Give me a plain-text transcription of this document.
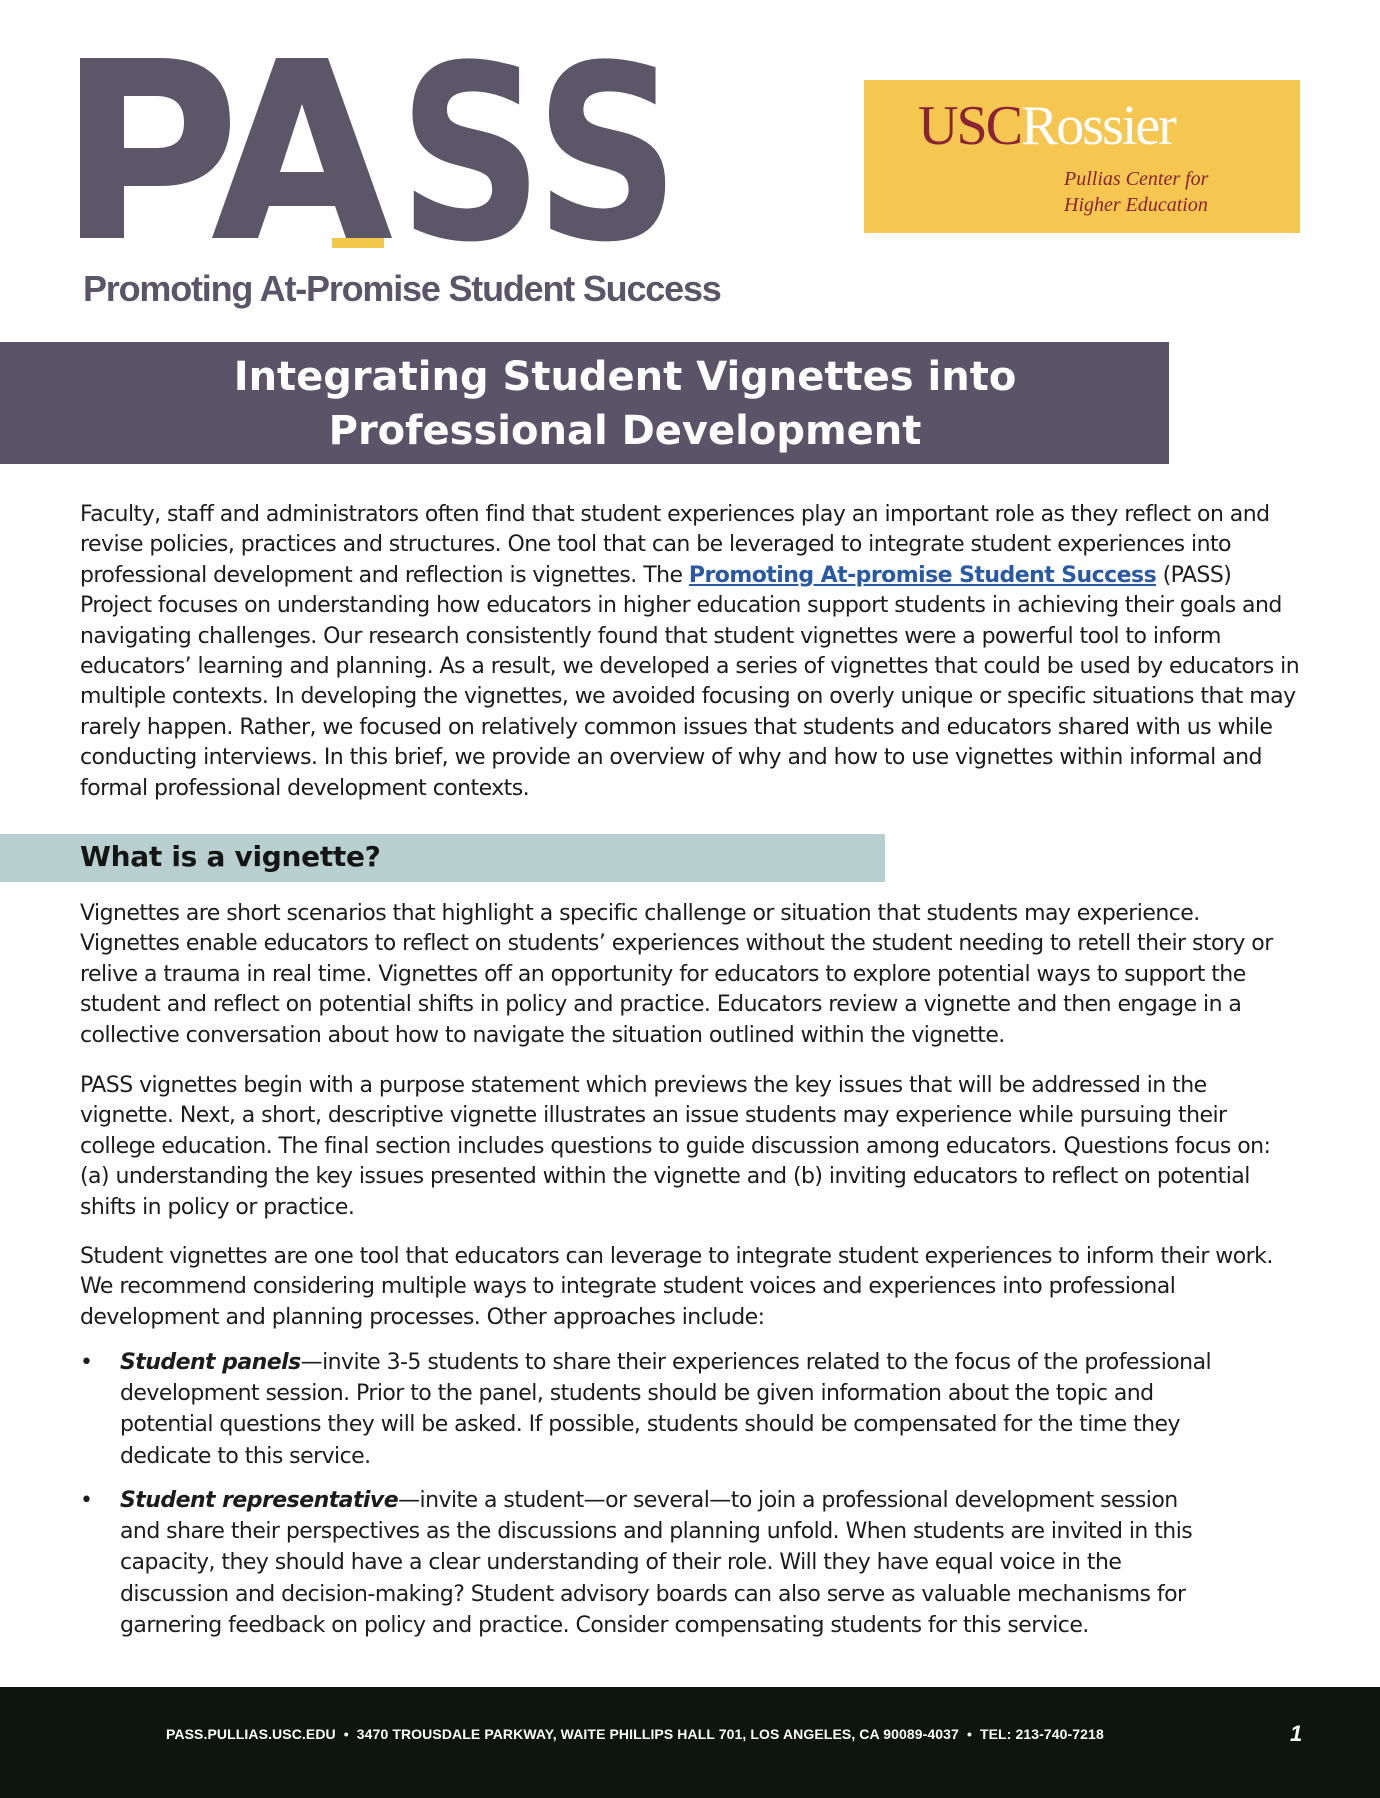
SS
Promoting At-Promise Student Success
USCRossier
Pullias Center for
Higher Education
Integrating Student Vignettes into
Professional Development

Faculty, staff and administrators often find that student experiences play an important role as they reflect on and revise policies, practices and structures. One tool that can be leveraged to integrate student experiences into professional development and reflection is vignettes. The Promoting At-promise Student Success (PASS) Project focuses on understanding how educators in higher education support students in achieving their goals and navigating challenges. Our research consistently found that student vignettes were a powerful tool to inform educators’ learning and planning. As a result, we developed a series of vignettes that could be used by educators in multiple contexts. In developing the vignettes, we avoided focusing on overly unique or specific situations that may rarely happen. Rather, we focused on relatively common issues that students and educators shared with us while conducting interviews. In this brief, we provide an overview of why and how to use vignettes within informal and formal professional development contexts.

What is a vignette?

Vignettes are short scenarios that highlight a specific challenge or situation that students may experience. Vignettes enable educators to reflect on students’ experiences without the student needing to retell their story or relive a trauma in real time. Vignettes off an opportunity for educators to explore potential ways to support the student and reflect on potential shifts in policy and practice. Educators review a vignette and then engage in a collective conversation about how to navigate the situation outlined within the vignette.

PASS vignettes begin with a purpose statement which previews the key issues that will be addressed in the vignette. Next, a short, descriptive vignette illustrates an issue students may experience while pursuing their college education. The final section includes questions to guide discussion among educators. Questions focus on: (a) understanding the key issues presented within the vignette and (b) inviting educators to reflect on potential shifts in policy or practice.

Student vignettes are one tool that educators can leverage to integrate student experiences to inform their work. We recommend considering multiple ways to integrate student voices and experiences into professional development and planning processes. Other approaches include:

• Student panels—invite 3-5 students to share their experiences related to the focus of the professional development session. Prior to the panel, students should be given information about the topic and potential questions they will be asked. If possible, students should be compensated for the time they dedicate to this service.

• Student representative—invite a student—or several—to join a professional development session and share their perspectives as the discussions and planning unfold. When students are invited in this capacity, they should have a clear understanding of their role. Will they have equal voice in the discussion and decision-making? Student advisory boards can also serve as valuable mechanisms for garnering feedback on policy and practice. Consider compensating students for this service.

PASS.PULLIAS.USC.EDU • 3470 TROUSDALE PARKWAY, WAITE PHILLIPS HALL 701, LOS ANGELES, CA 90089-4037 • TEL: 213-740-7218	1
